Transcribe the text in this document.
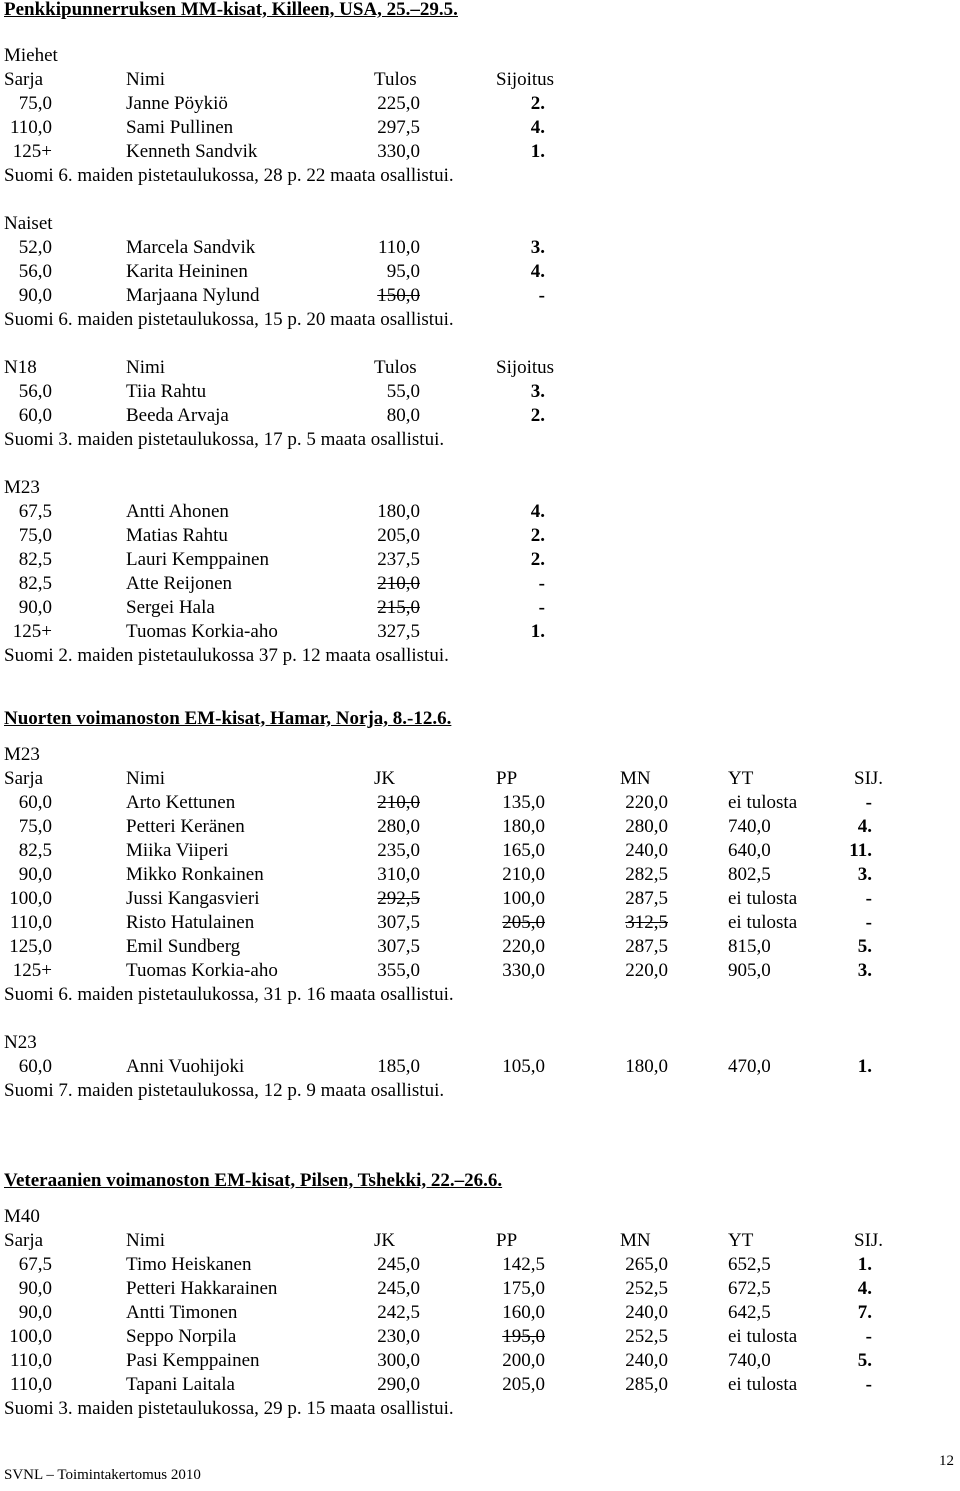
Penkkipunnerruksen MM-kisat, Killeen, USA, 25.–29.5.
Miehet
Sarja	Nimi	Tulos	Sijoitus
75,0	Janne Pöykiö	225,0	2.
110,0	Sami Pullinen	297,5	4.
125+	Kenneth Sandvik	330,0	1.
Suomi 6. maiden pistetaulukossa, 28 p. 22 maata osallistui.
Naiset
52,0	Marcela Sandvik	110,0	3.
56,0	Karita Heininen	95,0	4.
90,0	Marjaana Nylund	150,0	-
Suomi 6. maiden pistetaulukossa, 15 p. 20 maata osallistui.
N18	Nimi	Tulos	Sijoitus
56,0	Tiia Rahtu	55,0	3.
60,0	Beeda Arvaja	80,0	2.
Suomi 3. maiden pistetaulukossa, 17 p. 5 maata osallistui.
M23
67,5	Antti Ahonen	180,0	4.
75,0	Matias Rahtu	205,0	2.
82,5	Lauri Kemppainen	237,5	2.
82,5	Atte Reijonen	210,0	-
90,0	Sergei Hala	215,0	-
125+	Tuomas Korkia-aho	327,5	1.
Suomi 2. maiden pistetaulukossa 37 p. 12 maata osallistui.
Nuorten voimanoston EM-kisat, Hamar, Norja, 8.-12.6.
M23
Sarja	Nimi	JK	PP	MN	YT	SIJ.
60,0	Arto Kettunen	210,0	135,0	220,0	ei tulosta	-
75,0	Petteri Keränen	280,0	180,0	280,0	740,0	4.
82,5	Miika Viiperi	235,0	165,0	240,0	640,0	11.
90,0	Mikko Ronkainen	310,0	210,0	282,5	802,5	3.
100,0	Jussi Kangasvieri	292,5	100,0	287,5	ei tulosta	-
110,0	Risto Hatulainen	307,5	205,0	312,5	ei tulosta	-
125,0	Emil Sundberg	307,5	220,0	287,5	815,0	5.
125+	Tuomas Korkia-aho	355,0	330,0	220,0	905,0	3.
Suomi 6. maiden pistetaulukossa, 31 p. 16 maata osallistui.
N23
60,0	Anni Vuohijoki	185,0	105,0	180,0	470,0	1.
Suomi 7. maiden pistetaulukossa, 12 p. 9 maata osallistui.
Veteraanien voimanoston EM-kisat, Pilsen, Tshekki, 22.–26.6.
M40
Sarja	Nimi	JK	PP	MN	YT	SIJ.
67,5	Timo Heiskanen	245,0	142,5	265,0	652,5	1.
90,0	Petteri Hakkarainen	245,0	175,0	252,5	672,5	4.
90,0	Antti Timonen	242,5	160,0	240,0	642,5	7.
100,0	Seppo Norpila	230,0	195,0	252,5	ei tulosta	-
110,0	Pasi Kemppainen	300,0	200,0	240,0	740,0	5.
110,0	Tapani Laitala	290,0	205,0	285,0	ei tulosta	-
Suomi 3. maiden pistetaulukossa, 29 p. 15 maata osallistui.
SVNL – Toimintakertomus 2010
12
